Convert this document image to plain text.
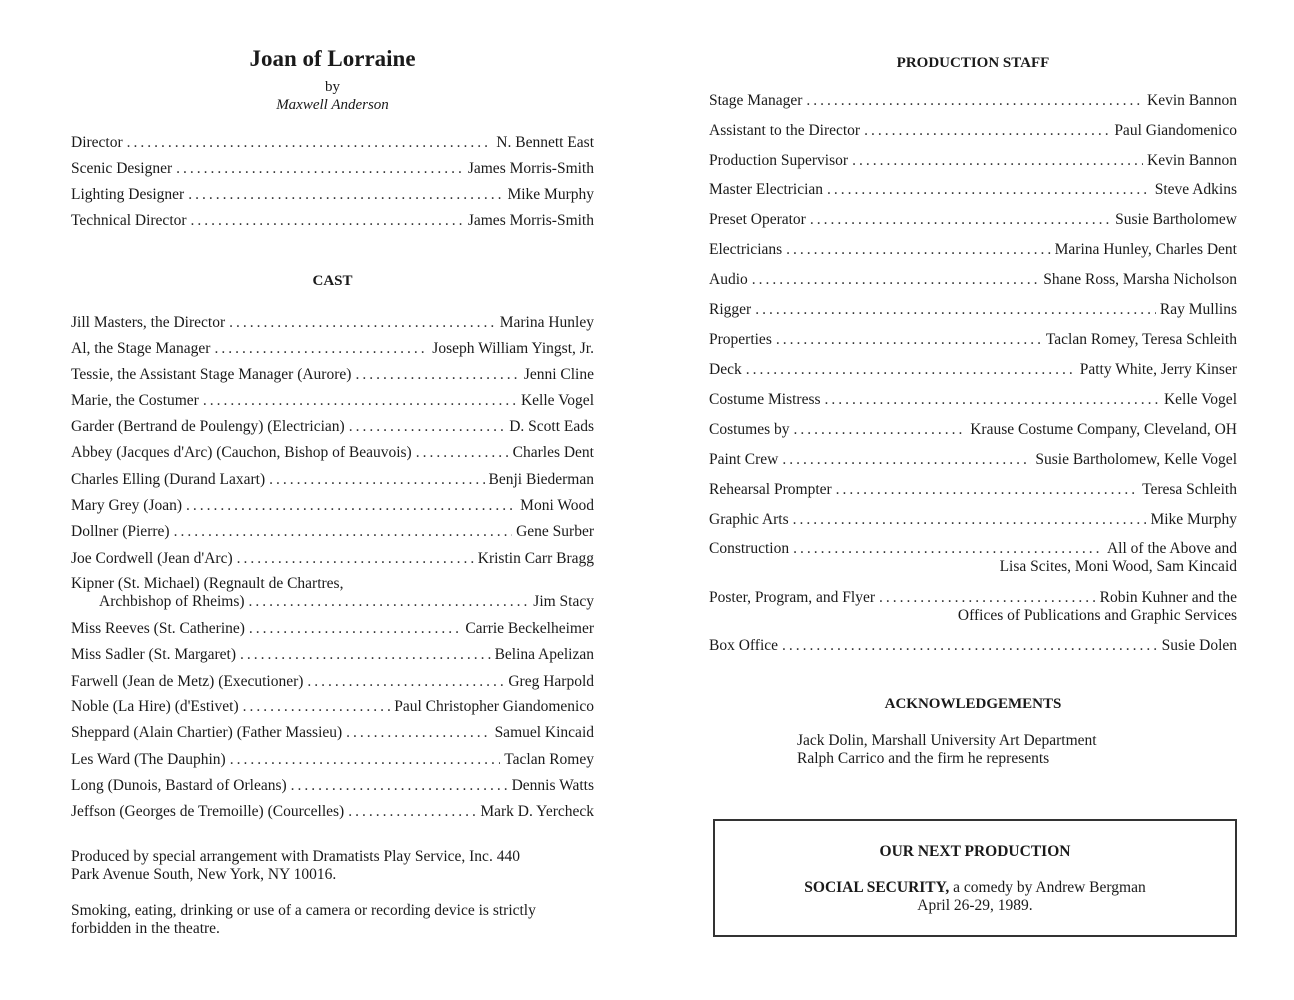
Joan of Lorraine
by
Maxwell Anderson
Director .....	N. Bennett East
Scenic Designer .....	James Morris-Smith
Lighting Designer .....	Mike Murphy
Technical Director .....	James Morris-Smith
CAST
Jill Masters, the Director .....	Marina Hunley
Al, the Stage Manager .....	Joseph William Yingst, Jr.
Tessie, the Assistant Stage Manager (Aurore) .....	Jenni Cline
Marie, the Costumer .....	Kelle Vogel
Garder (Bertrand de Poulengy) (Electrician) .....	D. Scott Eads
Abbey (Jacques d'Arc) (Cauchon, Bishop of Beauvois) .....	Charles Dent
Charles Elling (Durand Laxart) .....	Benji Biederman
Mary Grey (Joan) .....	Moni Wood
Dollner (Pierre) .....	Gene Surber
Joe Cordwell (Jean d'Arc) .....	Kristin Carr Bragg
Kipner (St. Michael) (Regnault de Chartres,
Archbishop of Rheims) .....	Jim Stacy
Miss Reeves (St. Catherine) .....	Carrie Beckelheimer
Miss Sadler (St. Margaret) .....	Belina Apelizan
Farwell (Jean de Metz) (Executioner) .....	Greg Harpold
Noble (La Hire) (d'Estivet) .....	Paul Christopher Giandomenico
Sheppard (Alain Chartier) (Father Massieu) .....	Samuel Kincaid
Les Ward (The Dauphin) .....	Taclan Romey
Long (Dunois, Bastard of Orleans) .....	Dennis Watts
Jeffson (Georges de Tremoille) (Courcelles) .....	Mark D. Yercheck
Produced by special arrangement with Dramatists Play Service, Inc. 440
Park Avenue South, New York, NY 10016.
Smoking, eating, drinking or use of a camera or recording device is strictly
forbidden in the theatre.
PRODUCTION STAFF
Stage Manager .....	Kevin Bannon
Assistant to the Director .....	Paul Giandomenico
Production Supervisor .....	Kevin Bannon
Master Electrician .....	Steve Adkins
Preset Operator .....	Susie Bartholomew
Electricians .....	Marina Hunley, Charles Dent
Audio .....	Shane Ross, Marsha Nicholson
Rigger .....	Ray Mullins
Properties .....	Taclan Romey, Teresa Schleith
Deck .....	Patty White, Jerry Kinser
Costume Mistress .....	Kelle Vogel
Costumes by .....	Krause Costume Company, Cleveland, OH
Paint Crew .....	Susie Bartholomew, Kelle Vogel
Rehearsal Prompter .....	Teresa Schleith
Graphic Arts .....	Mike Murphy
Construction .....	All of the Above and
Lisa Scites, Moni Wood, Sam Kincaid
Poster, Program, and Flyer .....	Robin Kuhner and the
Offices of Publications and Graphic Services
Box Office .....	Susie Dolen
ACKNOWLEDGEMENTS
Jack Dolin, Marshall University Art Department
Ralph Carrico and the firm he represents
OUR NEXT PRODUCTION
SOCIAL SECURITY, a comedy by Andrew Bergman
April 26-29, 1989.
